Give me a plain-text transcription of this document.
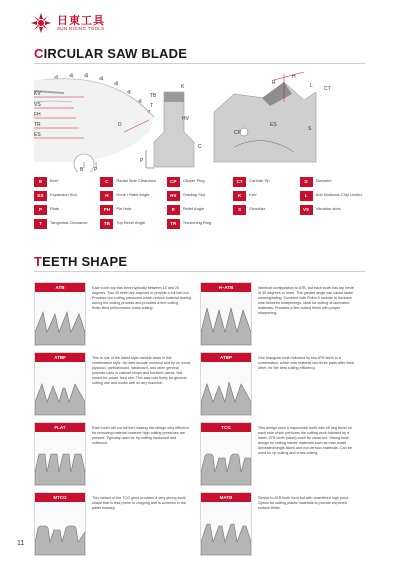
日東工具
SUN RISING TOOLS
CIRCULAR SAW BLADE
KV
VS
FH
TR
ES
B P
D
K
TB
T
HV
P
C
R
H
L CT
ES
CP
S
B	Bore	C	Radial Side Clearance	CP	Clipper Plug	CT	Carbide Tip	D	Diameter
ES	Expansion Slot	H	Hook / Rake Angle	HV	Grading Slot	K	Kerf	L	Anti Kickback Chip Limiter
P	Plate	PH	Pin Hole	R	Relief Angle	S	Shoulder	VS	Vibration slots
T	Tangential Clearance	TB	Top Bevel Angle	TR	Tensioning Ring
TEETH SHAPE
ATB	Each tooth top has bevel typically between 10 and 20 degrees. Two 20 teeth are required to provide a full kerf cut. Provides low cutting pressures which reduce material tearing during the cutting process and provides a fine cutting finish.Best performance cross cutting.
H–ATB	Identical configuration to ATB, but each tooth has top bevel of 30 degrees or more. The greater angle can cause faster wearing/falling. Combine with Rhino 5 carbide to increase time between sharpenings. Ideal for cutting of laminated materials. Provides a fine cutting finish with proper sharpening.
ATBF	This is one of the latest style carbide saws in five combination style. Its uses include crosscut and rip on wood, plywood, particleboard, hardboard, and other general purpose uses in cabinet shops and furniture plants. Not meant for power feed use. This saw cuts finely for general cutting use and works well on any machine.
ATBP	One triangular tooth followed by two ATB teeth in a combination; which cuts material into three parts after each other, for the best cutting efficiency.
FLAT	Each tooth will cut full kerf making this design very effective for removing material however high cutting pressures are present. Typically used for rip cutting hardwood and softwood.
TCG	This design uses a trapezoidal tooth with 45 deg bevel on each side which performs the cutting work followed by a lower, 0TB tooth (raker) tooth for clean-out. Strong tooth design for cutting harder materials such as man-made laminated/single-faced and non-ferrous materials. Can be used for rip cutting and cross cutting.
MTCG	This variant of the TCG grind provides a very strong tooth shape that is less prone to chipping and is common in the pallet industry.
MATB	Similar to ATB tooth form but with chamfered high point. Option for cutting plastic materials to provide improved surface finish.
11
